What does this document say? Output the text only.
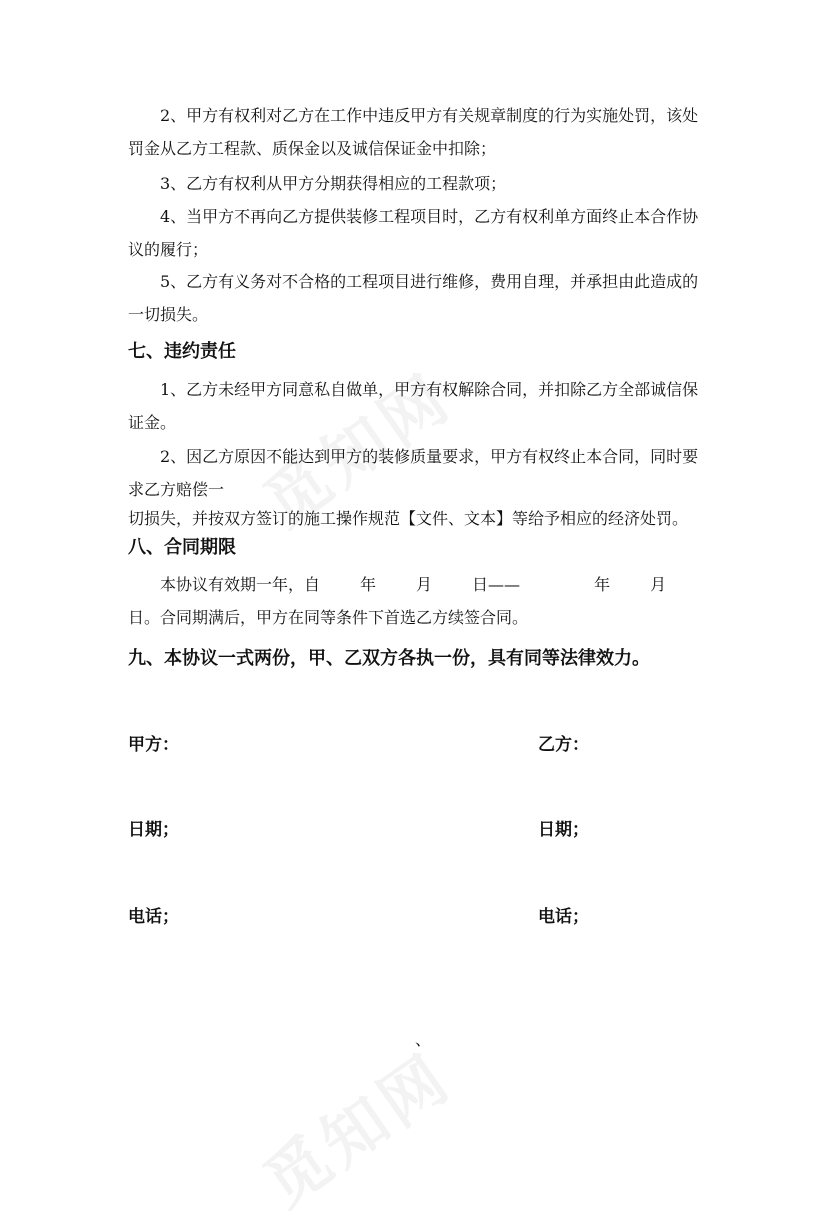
2、甲方有权利对乙方在工作中违反甲方有关规章制度的行为实施处罚，该处罚金从乙方工程款、质保金以及诚信保证金中扣除；

3、乙方有权利从甲方分期获得相应的工程款项；

4、当甲方不再向乙方提供装修工程项目时，乙方有权利单方面终止本合作协议的履行；

5、乙方有义务对不合格的工程项目进行维修，费用自理，并承担由此造成的一切损失。

七、违约责任

1、乙方未经甲方同意私自做单，甲方有权解除合同，并扣除乙方全部诚信保证金。

2、因乙方原因不能达到甲方的装修质量要求，甲方有权终止本合同，同时要求乙方赔偿一

切损失，并按双方签订的施工操作规范【文件、文本】等给予相应的经济处罚。

八、合同期限

本协议有效期一年，自	年	月	日——	年	月日。合同期满后，甲方在同等条件下首选乙方续签合同。

九、本协议一式两份，甲、乙双方各执一份，具有同等法律效力。

甲方：	乙方：

日期；	日期；

电话；	电话；

、
